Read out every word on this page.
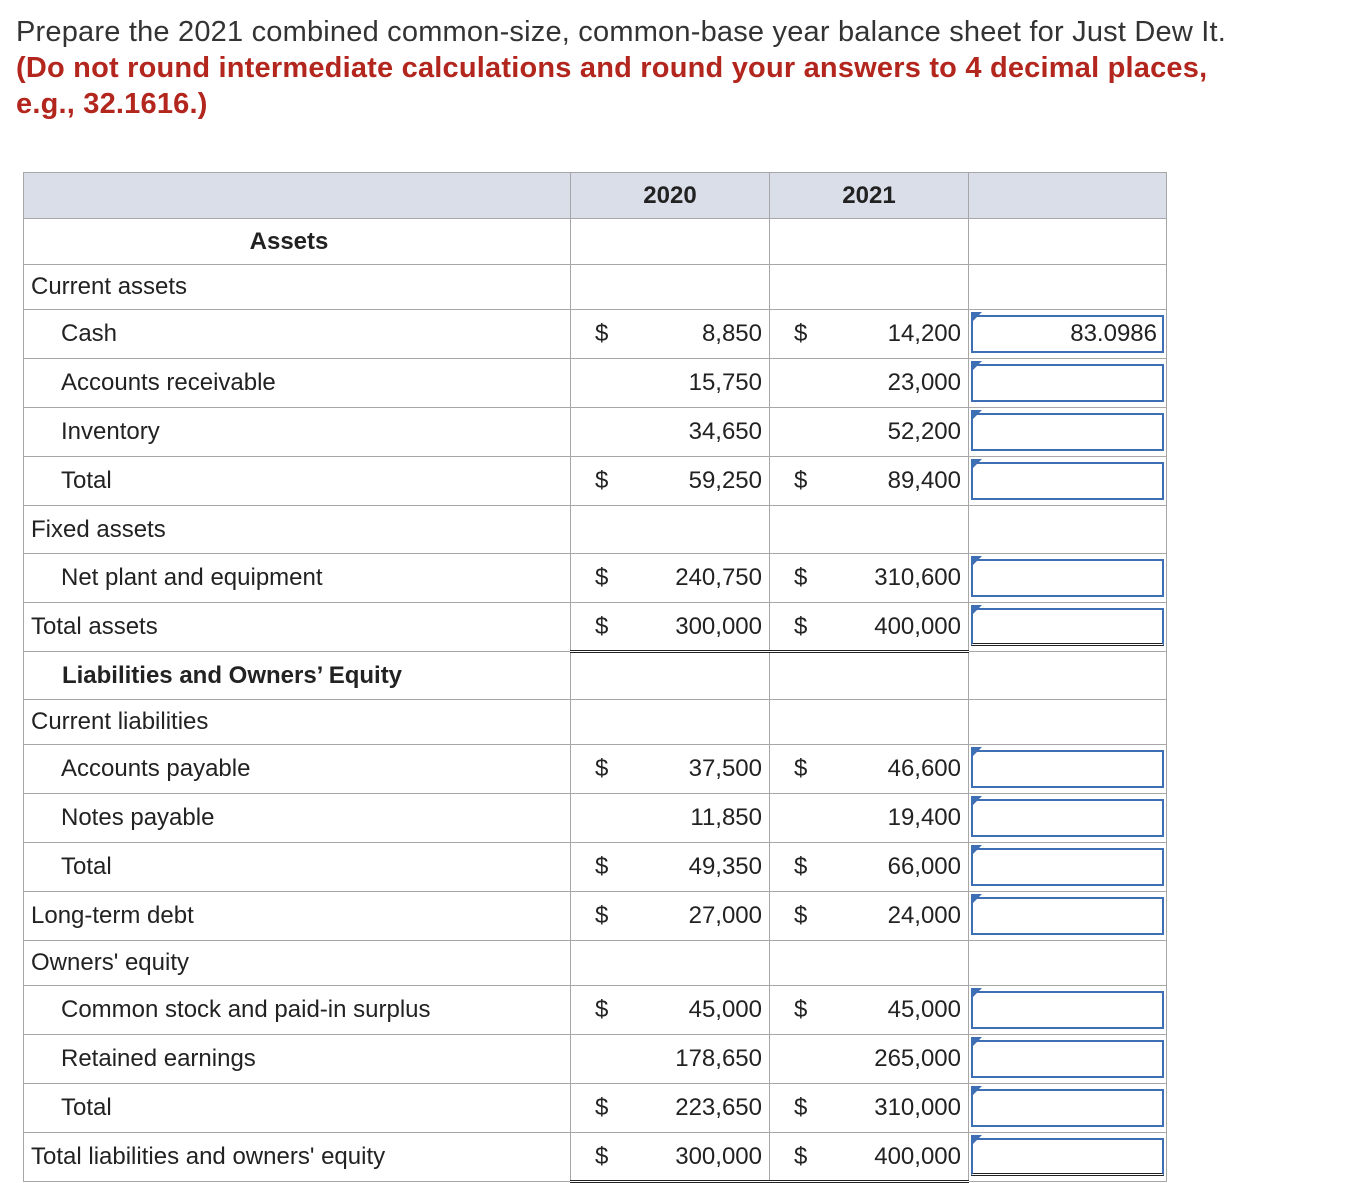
Prepare the 2021 combined common-size, common-base year balance sheet for Just Dew It. (Do not round intermediate calculations and round your answers to 4 decimal places, e.g., 32.1616.)
	2020	2021	
Assets			
Current assets			
Cash	$ 8,850	$ 14,200	83.0986

Accounts receivable	15,750	23,000	

Inventory	34,650	52,200	

Total	$ 59,250	$ 89,400	

Fixed assets			
Net plant and equipment	$ 240,750	$ 310,600	

Total assets	$ 300,000	$ 400,000	

Liabilities and Owners’ Equity			
Current liabilities			
Accounts payable	$ 37,500	$ 46,600	

Notes payable	11,850	19,400	

Total	$ 49,350	$ 66,000	

Long-term debt	$ 27,000	$ 24,000	

Owners' equity			
Common stock and paid-in surplus	$ 45,000	$ 45,000	

Retained earnings	178,650	265,000	

Total	$ 223,650	$ 310,000	

Total liabilities and owners' equity	$ 300,000	$ 400,000	
